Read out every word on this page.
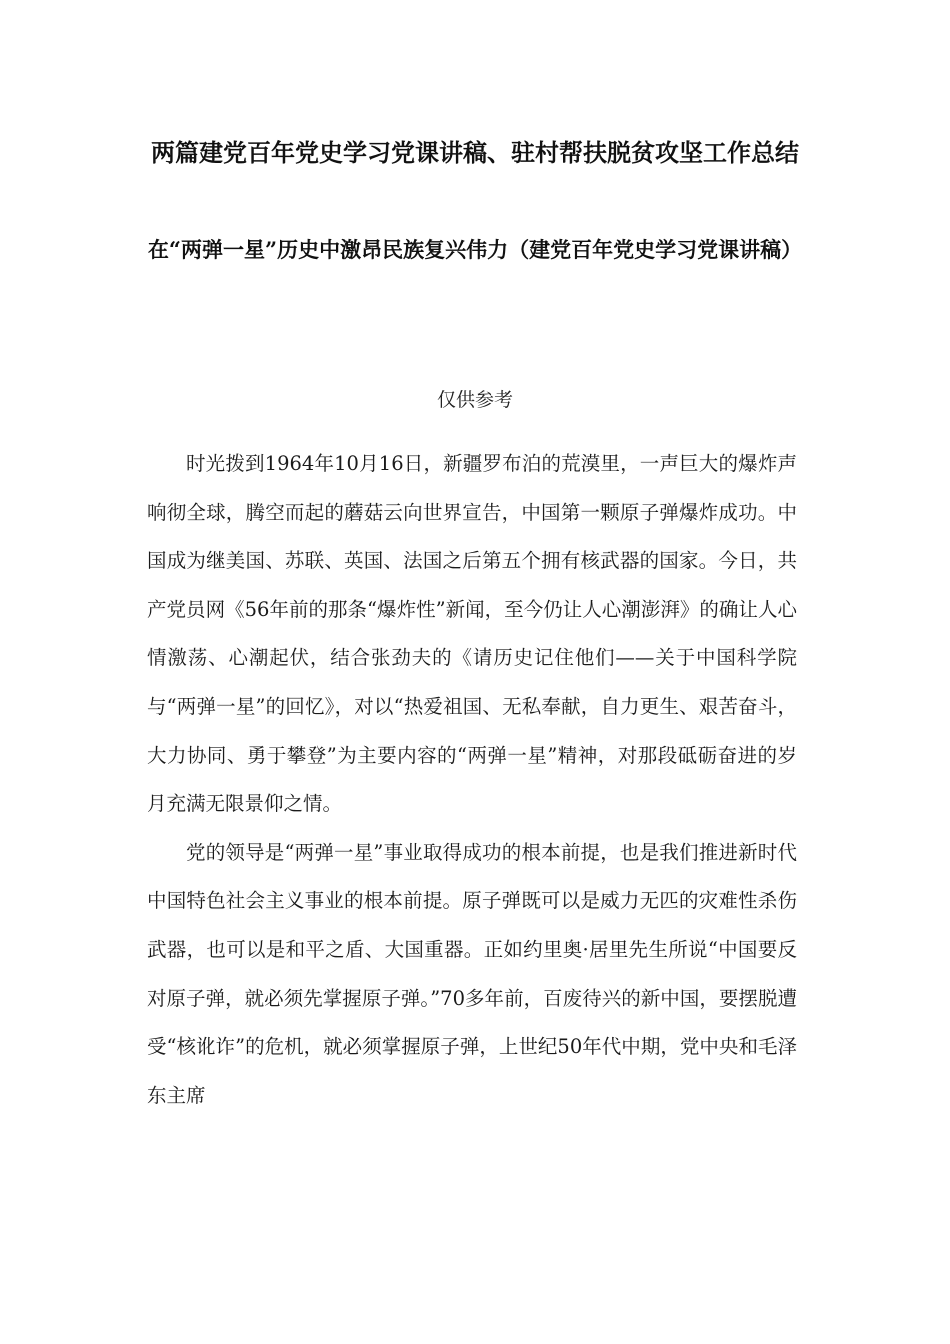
两篇建党百年党史学习党课讲稿、驻村帮扶脱贫攻坚工作总结
在“两弹一星”历史中激昂民族复兴伟力（建党百年党史学习党课讲稿）
仅供参考

时光拨到1964年10月16日，新疆罗布泊的荒漠里，一声巨大的爆炸声响彻全球，腾空而起的蘑菇云向世界宣告，中国第一颗原子弹爆炸成功。中国成为继美国、苏联、英国、法国之后第五个拥有核武器的国家。今日，共产党员网《56年前的那条“爆炸性”新闻，至今仍让人心潮澎湃》的确让人心情激荡、心潮起伏，结合张劲夫的《请历史记住他们——关于中国科学院与“两弹一星”的回忆》，对以“热爱祖国、无私奉献，自力更生、艰苦奋斗，大力协同、勇于攀登”为主要内容的“两弹一星”精神，对那段砥砺奋进的岁月充满无限景仰之情。

党的领导是“两弹一星”事业取得成功的根本前提，也是我们推进新时代中国特色社会主义事业的根本前提。原子弹既可以是威力无匹的灾难性杀伤武器，也可以是和平之盾、大国重器。正如约里奥·居里先生所说“中国要反对原子弹，就必须先掌握原子弹。”70多年前，百废待兴的新中国，要摆脱遭受“核讹诈”的危机，就必须掌握原子弹，上世纪50年代中期，党中央和毛泽东主席
